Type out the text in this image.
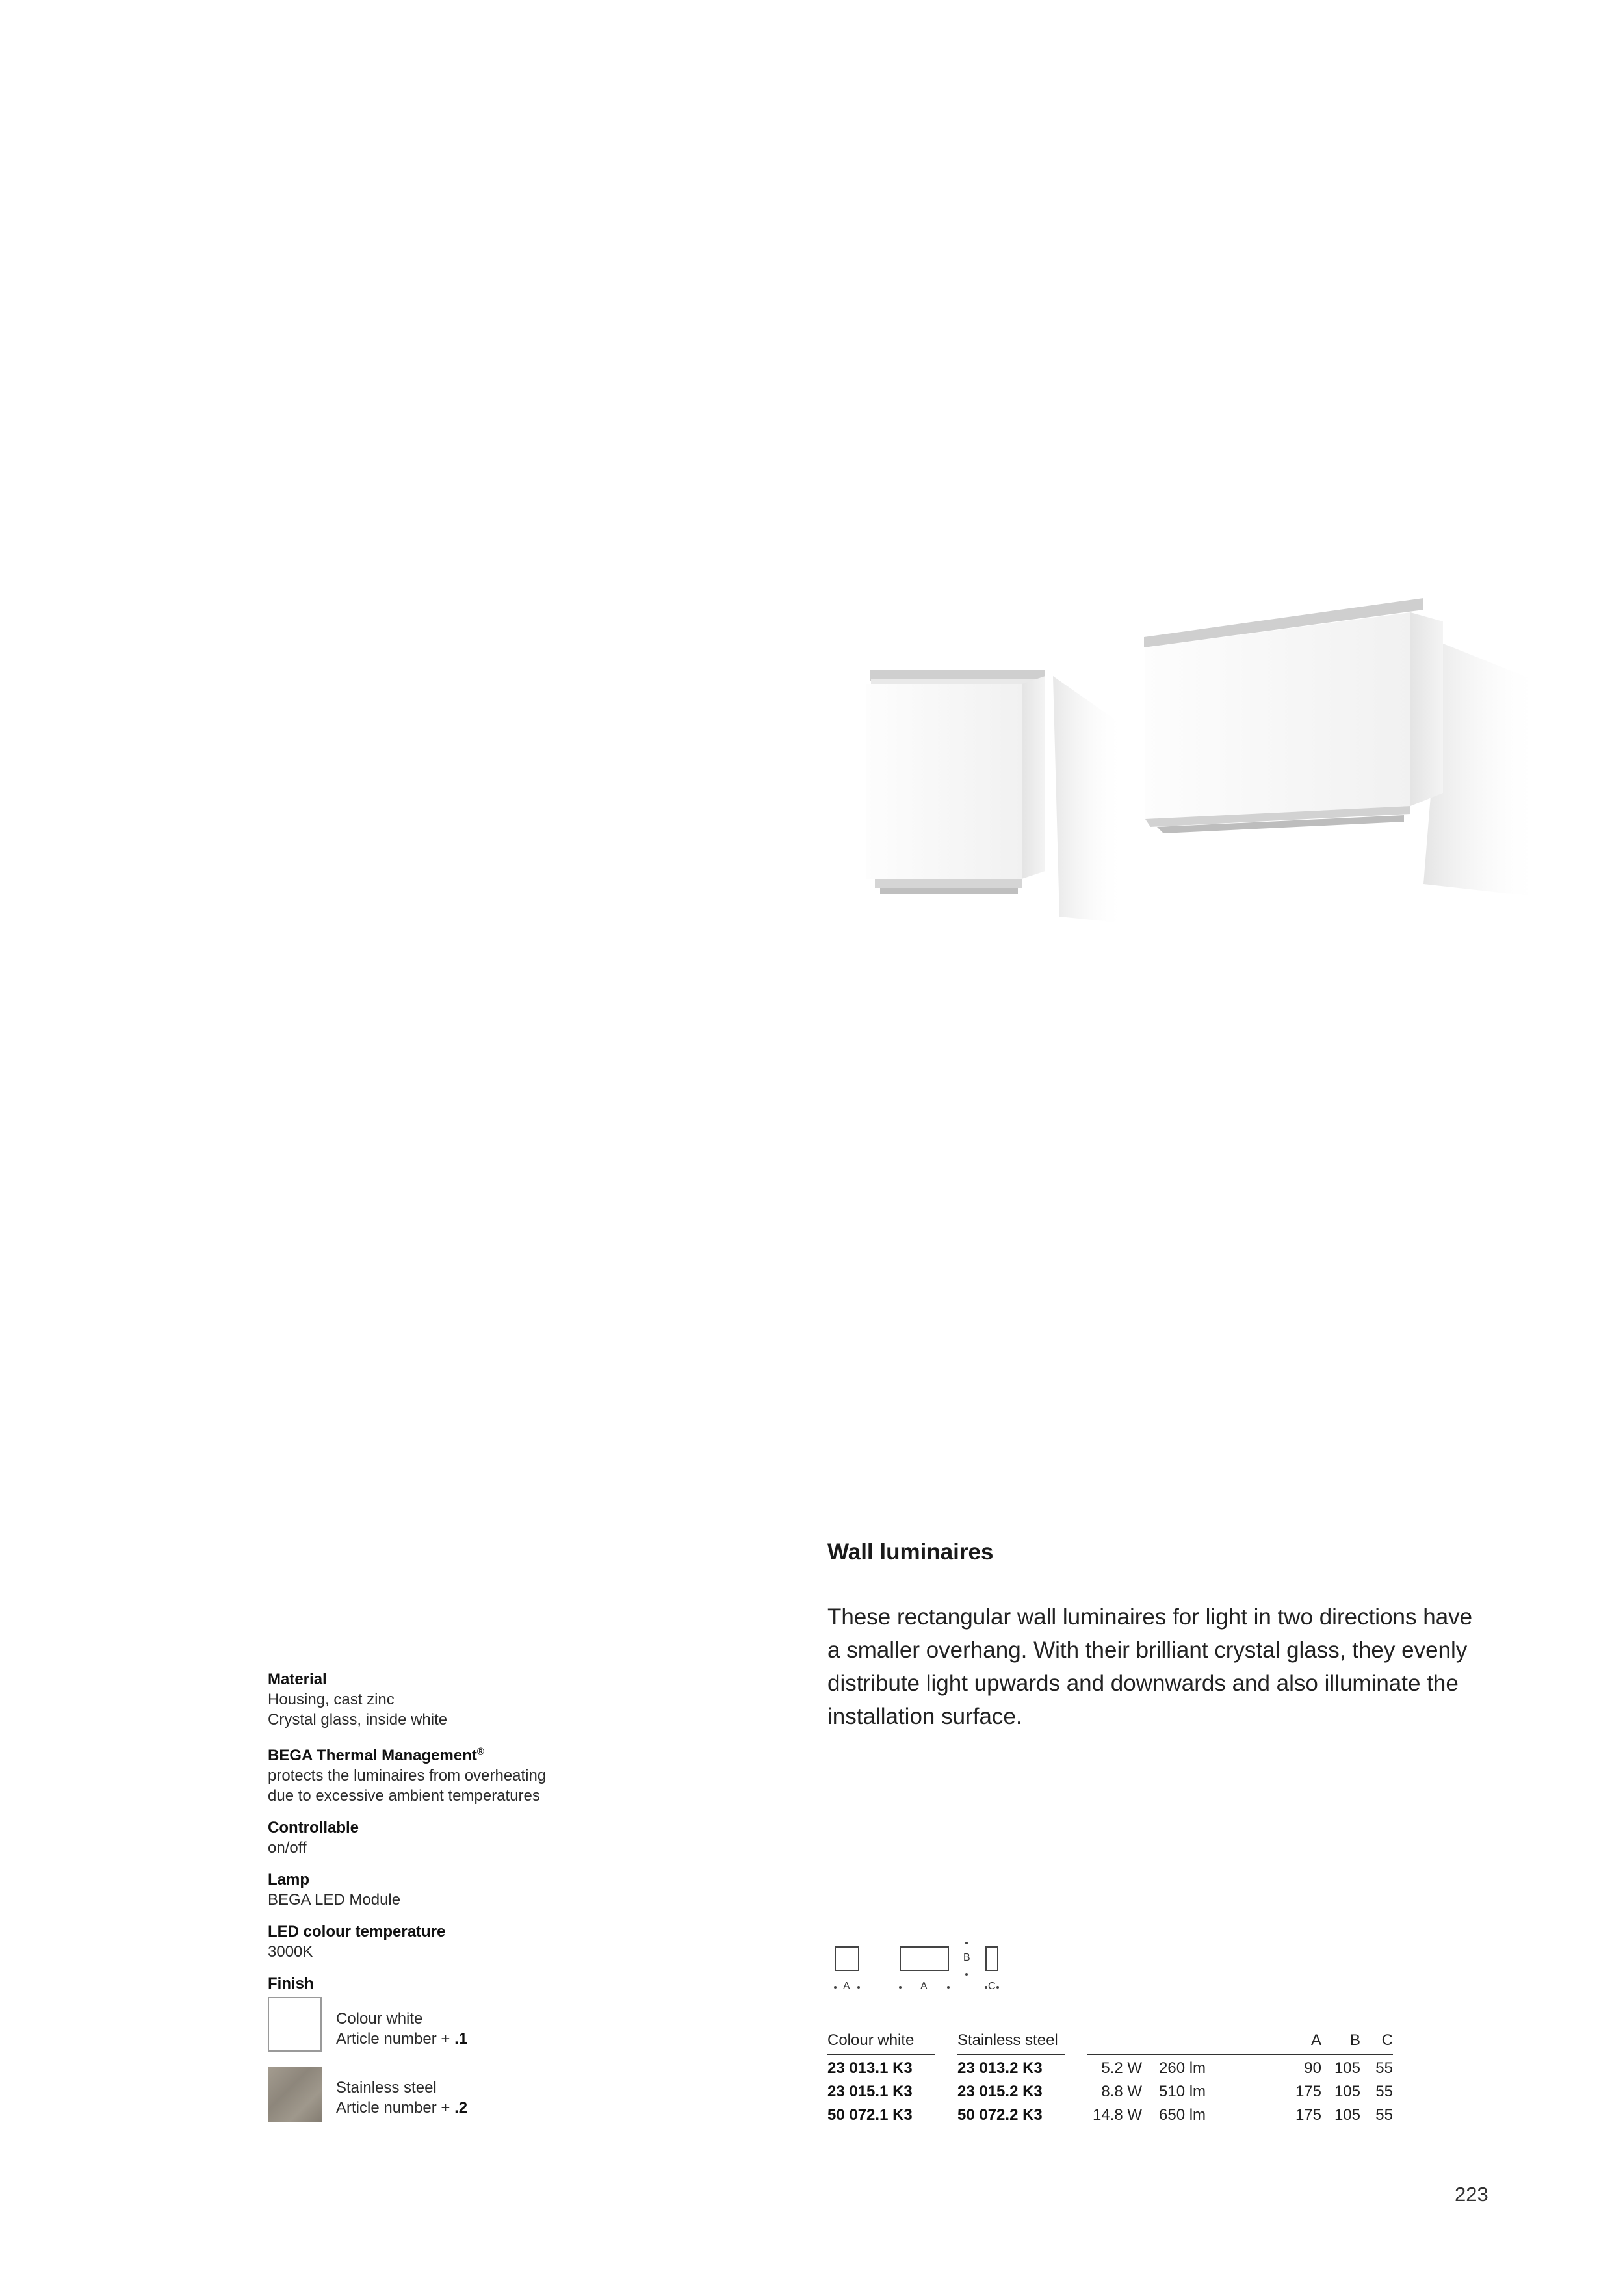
Wall luminaires
These rectangular wall luminaires for light in two directions have a smaller overhang. With their brilliant crystal glass, they evenly distribute light upwards and downwards and also illuminate the installation surface.
Material
Housing, cast zinc
Crystal glass, inside white
BEGA Thermal Management®
protects the luminaires from overheating
due to excessive ambient temperatures
Controllable
on/off
Lamp
BEGA LED Module
LED colour temperature
3000K
Finish
Colour white
Article number + .1
Stainless steel
Article number + .2
A	A
B
C
Colour white	Stainless steel	A	B	C
23 013.1 K3	23 013.2 K3	5.2 W 260 lm	90 105 55
23 015.1 K3	23 015.2 K3	8.8 W 510 lm	175 105 55
50 072.1 K3	50 072.2 K3	14.8 W 650 lm	175 105 55
223
